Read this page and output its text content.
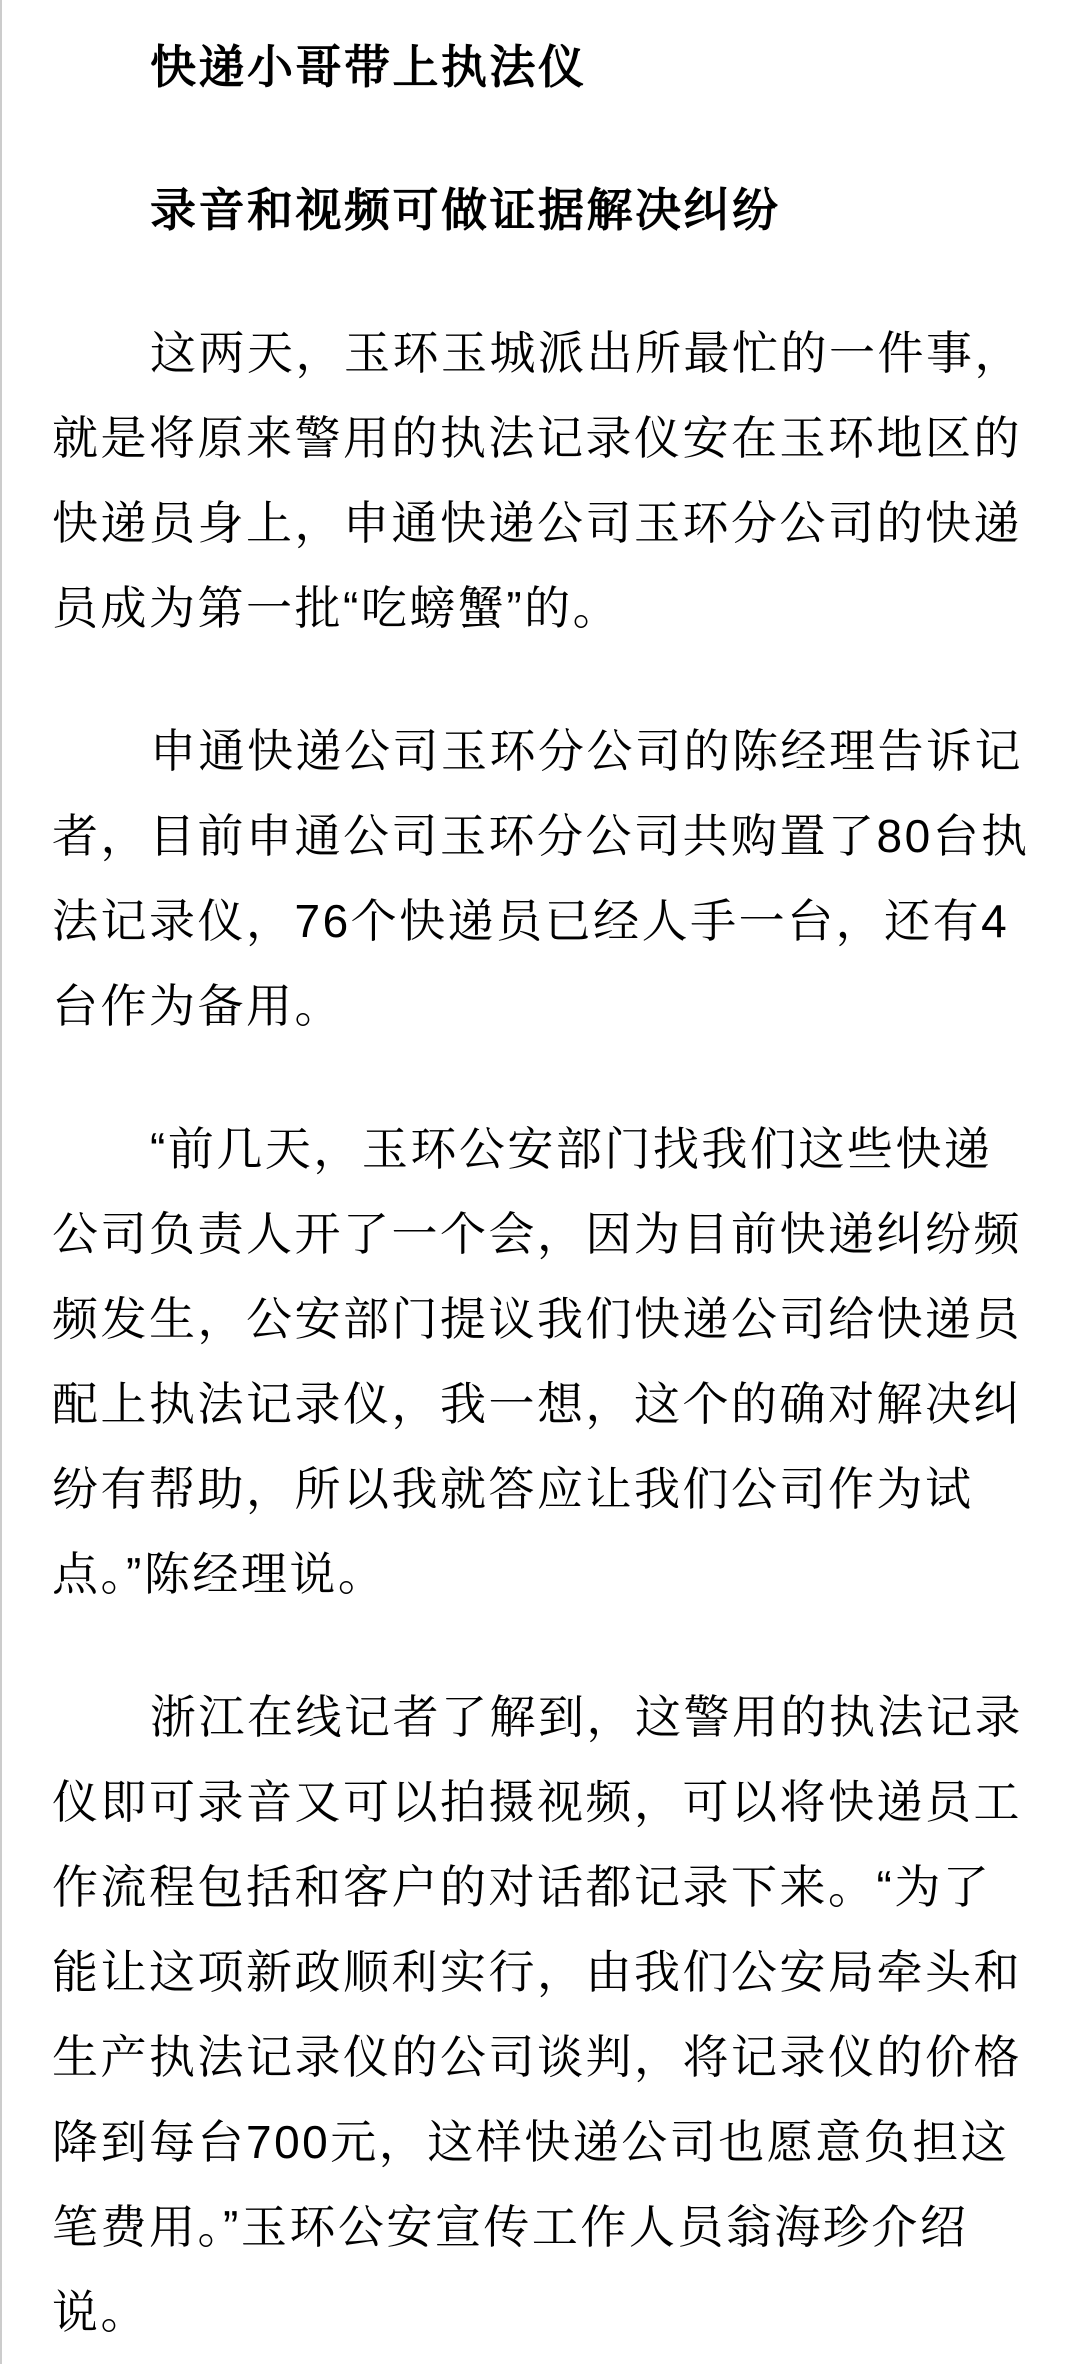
快递小哥带上执法仪
录音和视频可做证据解决纠纷
这两天，玉环玉城派出所最忙的一件事，
就是将原来警用的执法记录仪安在玉环地区的
快递员身上，申通快递公司玉环分公司的快递
员成为第一批“吃螃蟹”的。
申通快递公司玉环分公司的陈经理告诉记
者，目前申通公司玉环分公司共购置了80台执
法记录仪，76个快递员已经人手一台，还有4
台作为备用。
“前几天，玉环公安部门找我们这些快递
公司负责人开了一个会，因为目前快递纠纷频
频发生，公安部门提议我们快递公司给快递员
配上执法记录仪，我一想，这个的确对解决纠
纷有帮助，所以我就答应让我们公司作为试
点。”陈经理说。
浙江在线记者了解到，这警用的执法记录
仪即可录音又可以拍摄视频，可以将快递员工
作流程包括和客户的对话都记录下来。“为了
能让这项新政顺利实行，由我们公安局牵头和
生产执法记录仪的公司谈判，将记录仪的价格
降到每台700元，这样快递公司也愿意负担这
笔费用。”玉环公安宣传工作人员翁海珍介绍
说。
